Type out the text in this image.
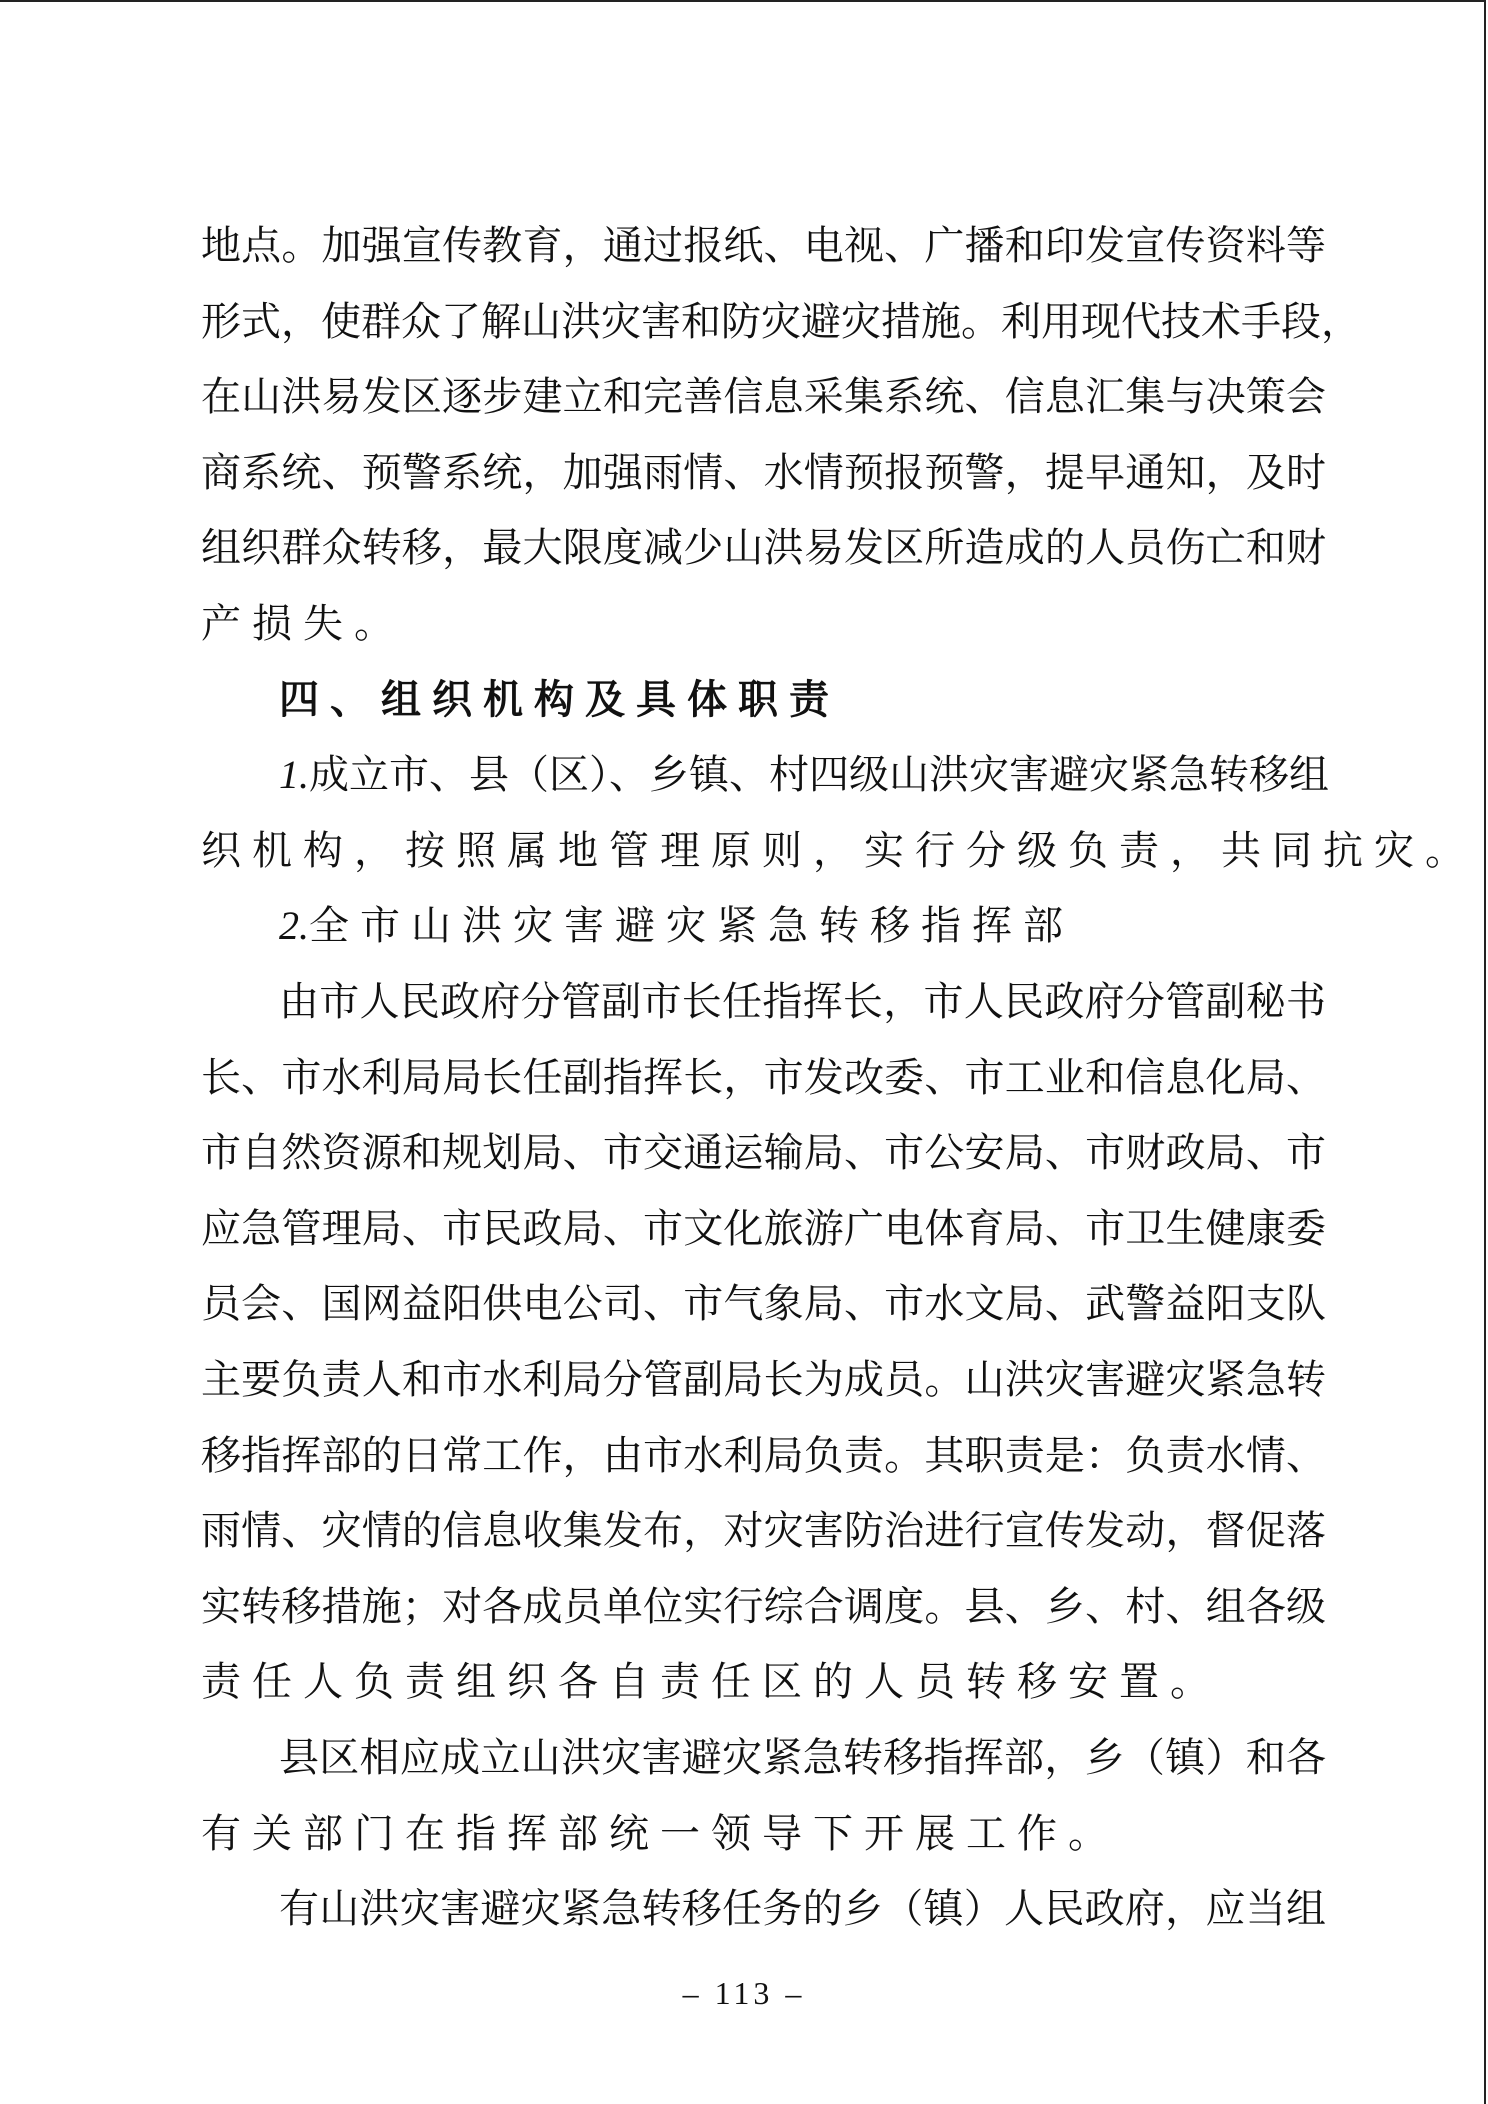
地点。加强宣传教育，通过报纸、电视、广播和印发宣传资料等
形式，使群众了解山洪灾害和防灾避灾措施。利用现代技术手段，
在山洪易发区逐步建立和完善信息采集系统、信息汇集与决策会
商系统、预警系统，加强雨情、水情预报预警，提早通知，及时
组织群众转移，最大限度减少山洪易发区所造成的人员伤亡和财
产损失。
四、组织机构及具体职责
1.成立市、县（区）、乡镇、村四级山洪灾害避灾紧急转移组
织机构，按照属地管理原则，实行分级负责，共同抗灾。
2.全市山洪灾害避灾紧急转移指挥部
由市人民政府分管副市长任指挥长，市人民政府分管副秘书
长、市水利局局长任副指挥长，市发改委、市工业和信息化局、
市自然资源和规划局、市交通运输局、市公安局、市财政局、市
应急管理局、市民政局、市文化旅游广电体育局、市卫生健康委
员会、国网益阳供电公司、市气象局、市水文局、武警益阳支队
主要负责人和市水利局分管副局长为成员。山洪灾害避灾紧急转
移指挥部的日常工作，由市水利局负责。其职责是：负责水情、
雨情、灾情的信息收集发布，对灾害防治进行宣传发动，督促落
实转移措施；对各成员单位实行综合调度。县、乡、村、组各级
责任人负责组织各自责任区的人员转移安置。
县区相应成立山洪灾害避灾紧急转移指挥部，乡（镇）和各
有关部门在指挥部统一领导下开展工作。
有山洪灾害避灾紧急转移任务的乡（镇）人民政府，应当组
– 113 –
